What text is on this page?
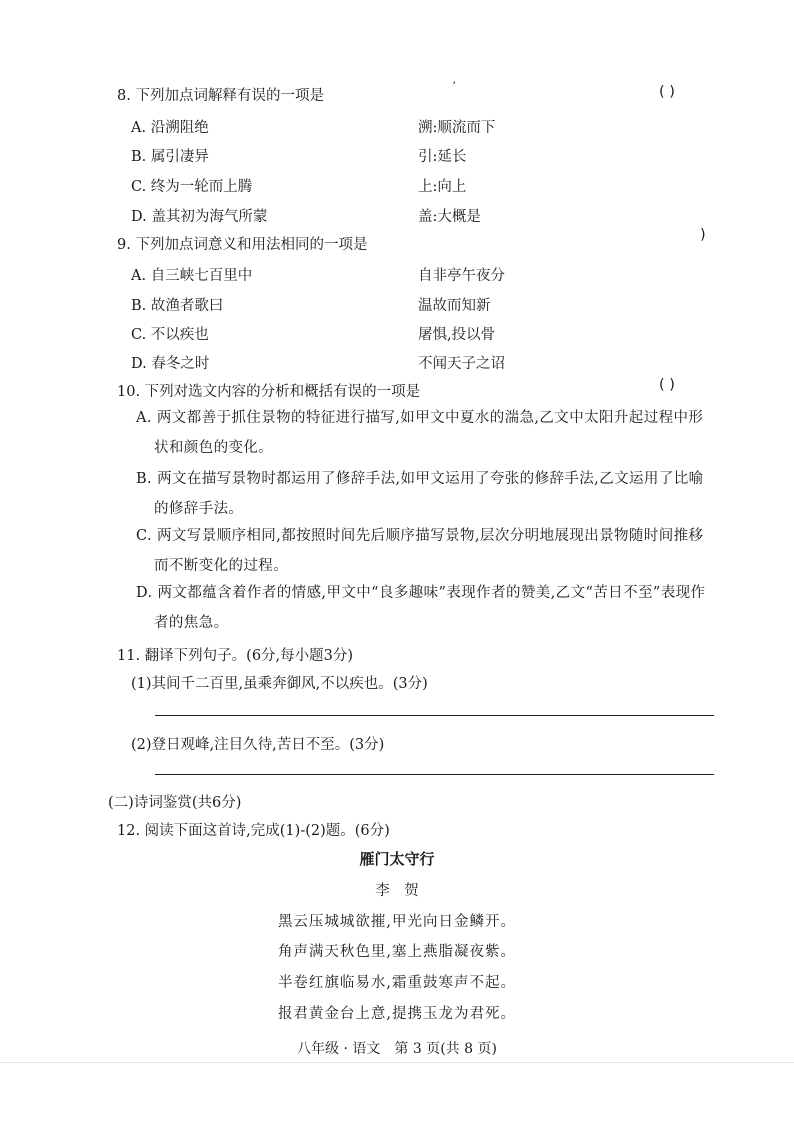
ʼ
8. 下列加点词解释有误的一项是	( )
A. 沿溯阻绝	溯:顺流而下
B. 属引凄异	引:延长
C. 终为一轮而上腾	上:向上
D. 盖其初为海气所蒙	盖:大概是
9. 下列加点词意义和用法相同的一项是
)
A. 自三峡七百里中	自非亭午夜分
B. 故渔者歌曰	温故而知新
C. 不以疾也	屠惧,投以骨
D. 春冬之时	不闻天子之诏
10. 下列对选文内容的分析和概括有误的一项是	( )
A. 两文都善于抓住景物的特征进行描写,如甲文中夏水的湍急,乙文中太阳升起过程中形状和颜色的变化。
B. 两文在描写景物时都运用了修辞手法,如甲文运用了夸张的修辞手法,乙文运用了比喻的修辞手法。
C. 两文写景顺序相同,都按照时间先后顺序描写景物,层次分明地展现出景物随时间推移而不断变化的过程。
D. 两文都蕴含着作者的情感,甲文中“良多趣味”表现作者的赞美,乙文“苦日不至”表现作者的焦急。
11. 翻译下列句子。(6分,每小题3分)
(1)其间千二百里,虽乘奔御风,不以疾也。(3分)
(2)登日观峰,注目久待,苦日不至。(3分)
(二)诗词鉴赏(共6分)
12. 阅读下面这首诗,完成(1)-(2)题。(6分)
雁门太守行
李　贺
黑云压城城欲摧,甲光向日金鳞开。
角声满天秋色里,塞上燕脂凝夜紫。
半卷红旗临易水,霜重鼓寒声不起。
报君黄金台上意,提携玉龙为君死。
八年级 · 语文　第 3 页(共 8 页)
